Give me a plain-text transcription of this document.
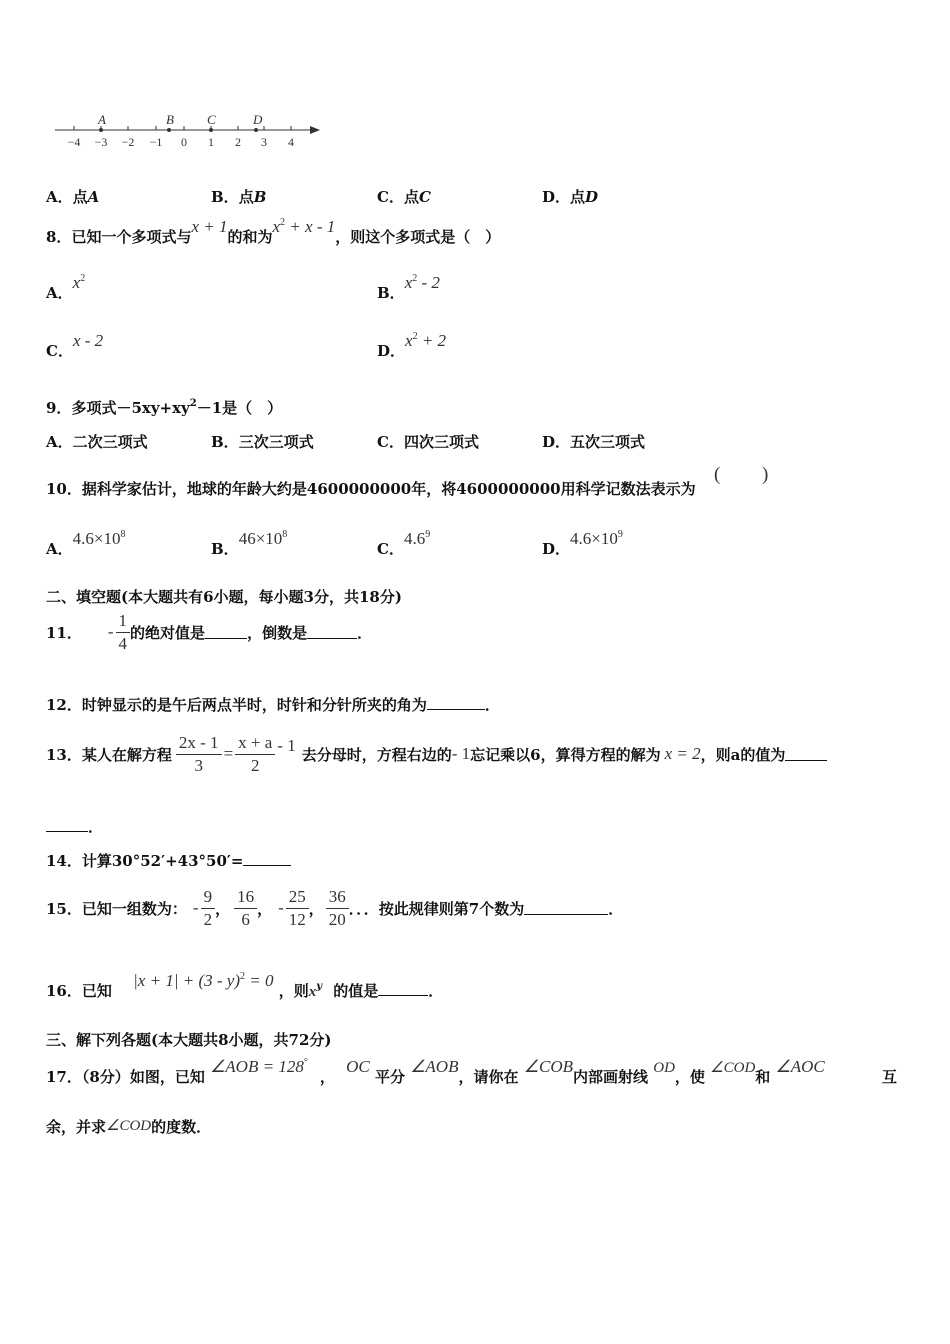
A	B	C	D
−4 −3 −2 −1 0 1 2 3 4
A．点A	B．点B	C．点C	D．点D
8．已知一个多项式与x + 1的和为$x^2 + x - 1$，则这个多项式是（　）
A．$x^2$
B．$x^2 - 2$
C．x - 2
D．$x^2 + 2$
9．多项式$-5xy+xy^2-1$是（　）
A．二次三项式	B．三次三项式	C．四次三项式	D．五次三项式
10．据科学家估计，地球的年龄大约是4600000000年，将4600000000用科学记数法表示为
( )
A．$4.6\times 10^8$
B．$46\times 10^8$
C．$4.6^9$
D．$4.6\times 10^9$
二、填空题(本大题共有6小题，每小题3分，共18分)
11． - $\frac{1}{4}$ 的绝对值是	，倒数是	．
12．时钟显示的是午后两点半时，时针和分针所夹的角为	．
13． 某人在解方程 $\frac{2x - 1}{3} = \frac{x + a}{2} - 1$ 去分母时，方程右边的 - 1 忘记乘以6，算得方程的解为 x = 2 ，则a的值为
．
14．计算30°52′+43°50′=
15． 已知一组数为： - $\frac{9}{2}$ ， $\frac{16}{6}$ ， - $\frac{25}{12}$ ， $\frac{36}{20}$ ．．． 按此规律则第7个数为	．
16．已知 |x + 1| + (3 - y)$^2$ = 0 ，则$x^y$ 的值是	．
三、解下列各题(本大题共8小题，共72分)
17．（8分）如图，已知 ∠AOB = 128°， OC 平分 ∠AOB，请你在 ∠COB内部画射线 OD，使 ∠COD和 ∠AOC
互
余，并求∠COD的度数．
